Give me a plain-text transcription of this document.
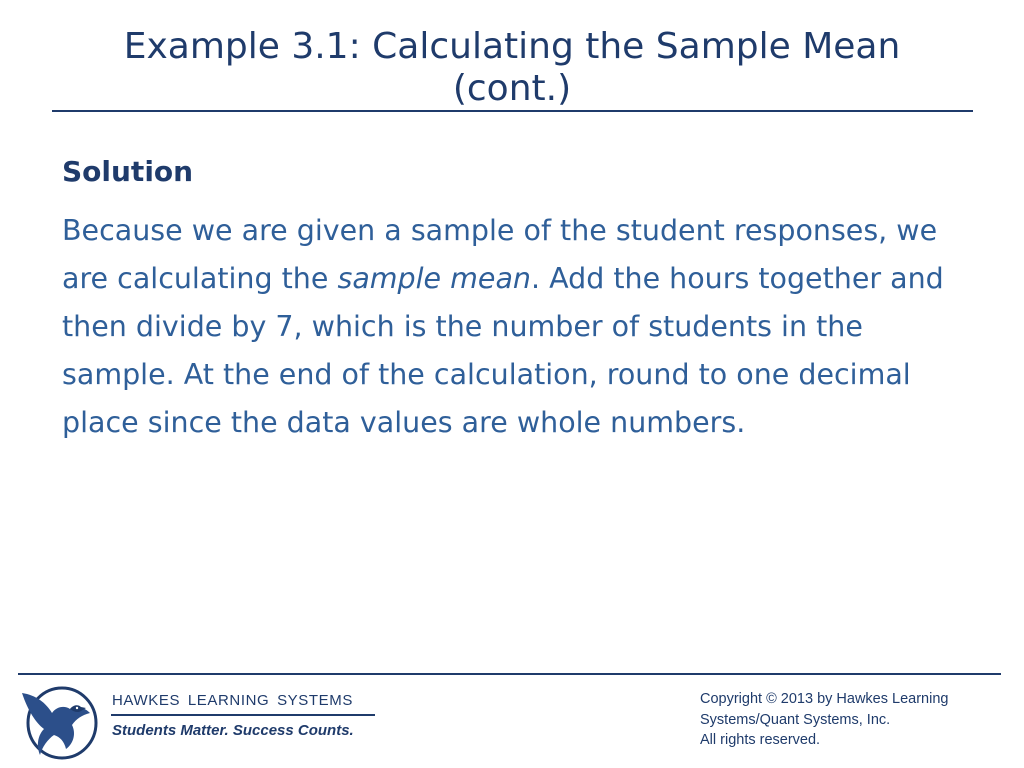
Example 3.1: Calculating the Sample Mean (cont.)
Solution
Because we are given a sample of the student responses, we are calculating the sample mean. Add the hours together and then divide by 7, which is the number of students in the sample. At the end of the calculation, round to one decimal place since the data values are whole numbers.
HAWKES LEARNING SYSTEMS
Students Matter. Success Counts.
Copyright © 2013 by Hawkes Learning
Systems/Quant Systems, Inc.
All rights reserved.
